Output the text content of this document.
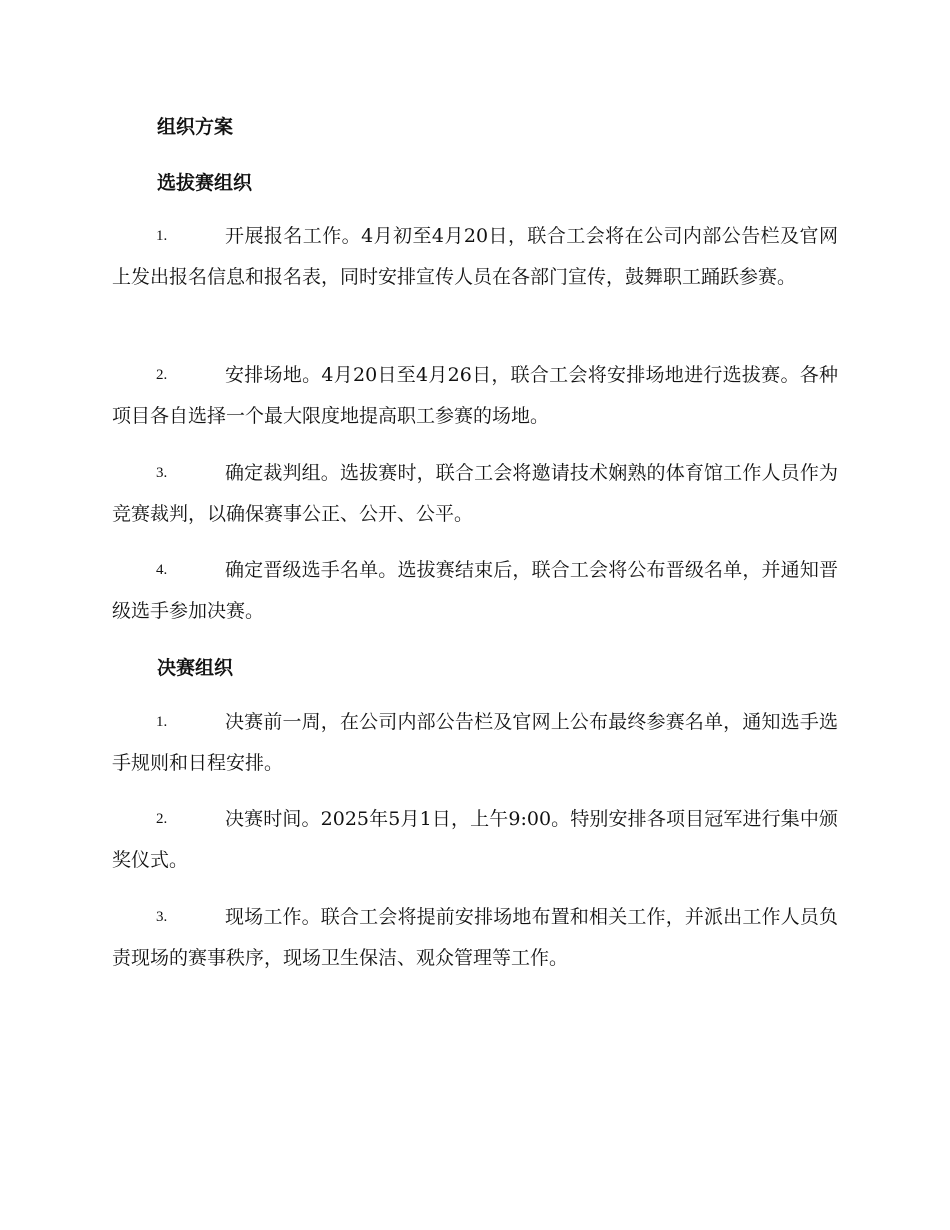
组织方案
选拔赛组织
1.	开展报名工作。4月初至4月20日，联合工会将在公司内部公告栏及官网上发出报名信息和报名表，同时安排宣传人员在各部门宣传，鼓舞职工踊跃参赛。

2.	安排场地。4月20日至4月26日，联合工会将安排场地进行选拔赛。各种项目各自选择一个最大限度地提高职工参赛的场地。

3.	确定裁判组。选拔赛时，联合工会将邀请技术娴熟的体育馆工作人员作为竞赛裁判，以确保赛事公正、公开、公平。

4.	确定晋级选手名单。选拔赛结束后，联合工会将公布晋级名单，并通知晋级选手参加决赛。

决赛组织
1.	决赛前一周，在公司内部公告栏及官网上公布最终参赛名单，通知选手选手规则和日程安排。

2.	决赛时间。2025年5月1日，上午9:00。特别安排各项目冠军进行集中颁奖仪式。

3.	现场工作。联合工会将提前安排场地布置和相关工作，并派出工作人员负责现场的赛事秩序，现场卫生保洁、观众管理等工作。
